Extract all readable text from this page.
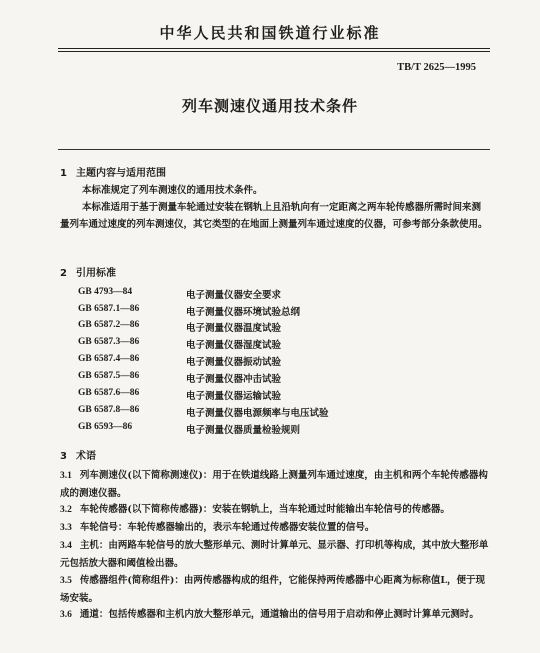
中华人民共和国铁道行业标准
TB/T 2625—1995
列车测速仪通用技术条件
1 主题内容与适用范围
本标准规定了列车测速仪的通用技术条件。
本标准适用于基于测量车轮通过安装在钢轨上且沿轨向有一定距离之两车轮传感器所需时间来测量列车通过速度的列车测速仪，其它类型的在地面上测量列车通过速度的仪器，可参考部分条款使用。
2 引用标准
GB 4793—84	电子测量仪器安全要求
GB 6587.1—86	电子测量仪器环境试验总纲
GB 6587.2—86	电子测量仪器温度试验
GB 6587.3—86	电子测量仪器湿度试验
GB 6587.4—86	电子测量仪器振动试验
GB 6587.5—86	电子测量仪器冲击试验
GB 6587.6—86	电子测量仪器运输试验
GB 6587.8—86	电子测量仪器电源频率与电压试验
GB 6593—86	电子测量仪器质量检验规则
3 术语
3.1 列车测速仪(以下简称测速仪)：用于在铁道线路上测量列车通过速度，由主机和两个车轮传感器构成的测速仪器。
3.2 车轮传感器(以下简称传感器)：安装在钢轨上，当车轮通过时能输出车轮信号的传感器。
3.3 车轮信号：车轮传感器输出的，表示车轮通过传感器安装位置的信号。
3.4 主机：由两路车轮信号的放大整形单元、测时计算单元、显示器、打印机等构成，其中放大整形单元包括放大器和阈值检出器。
3.5 传感器组件(简称组件)：由两传感器构成的组件，它能保持两传感器中心距离为标称值L，便于现场安装。
3.6 通道：包括传感器和主机内放大整形单元，通道输出的信号用于启动和停止测时计算单元测时。
